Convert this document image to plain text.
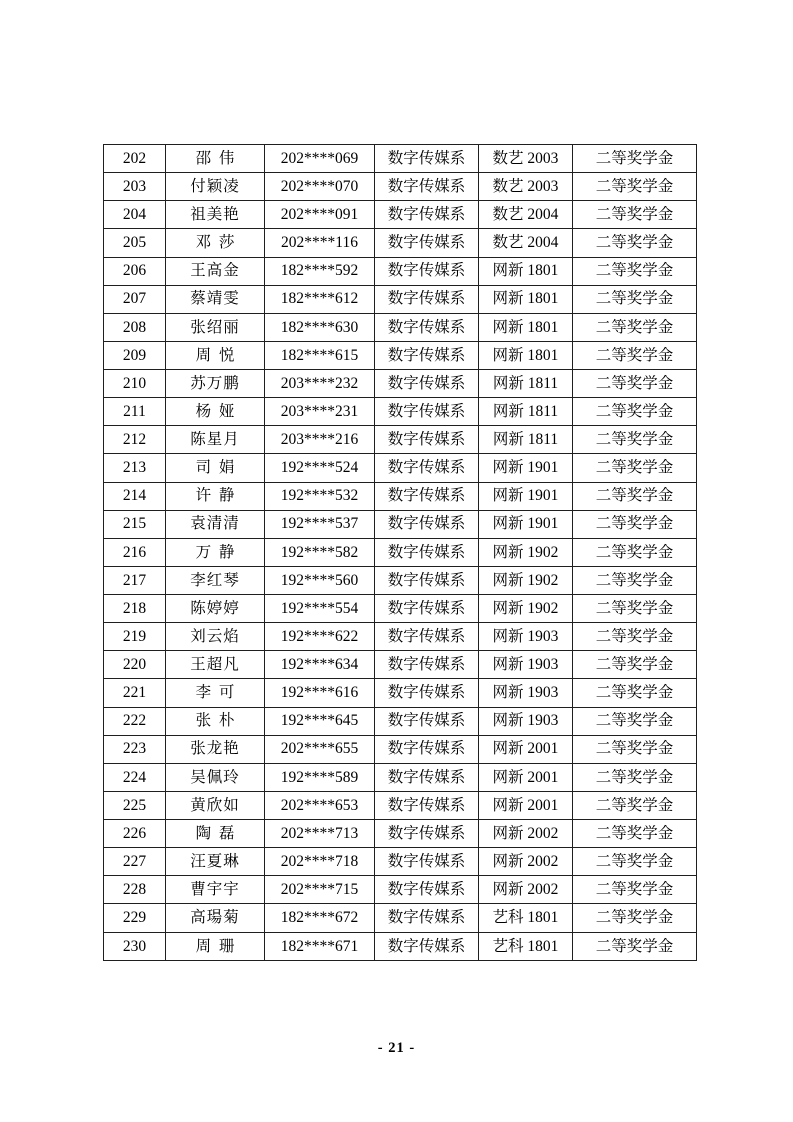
202	邵伟	202****069	数字传媒系	数艺 2003	二等奖学金
203	付颖凌	202****070	数字传媒系	数艺 2003	二等奖学金
204	祖美艳	202****091	数字传媒系	数艺 2004	二等奖学金
205	邓莎	202****116	数字传媒系	数艺 2004	二等奖学金
206	王高金	182****592	数字传媒系	网新 1801	二等奖学金
207	蔡靖雯	182****612	数字传媒系	网新 1801	二等奖学金
208	张绍丽	182****630	数字传媒系	网新 1801	二等奖学金
209	周悦	182****615	数字传媒系	网新 1801	二等奖学金
210	苏万鹏	203****232	数字传媒系	网新 1811	二等奖学金
211	杨娅	203****231	数字传媒系	网新 1811	二等奖学金
212	陈星月	203****216	数字传媒系	网新 1811	二等奖学金
213	司娟	192****524	数字传媒系	网新 1901	二等奖学金
214	许静	192****532	数字传媒系	网新 1901	二等奖学金
215	袁清清	192****537	数字传媒系	网新 1901	二等奖学金
216	万静	192****582	数字传媒系	网新 1902	二等奖学金
217	李红琴	192****560	数字传媒系	网新 1902	二等奖学金
218	陈婷婷	192****554	数字传媒系	网新 1902	二等奖学金
219	刘云焰	192****622	数字传媒系	网新 1903	二等奖学金
220	王超凡	192****634	数字传媒系	网新 1903	二等奖学金
221	李可	192****616	数字传媒系	网新 1903	二等奖学金
222	张朴	192****645	数字传媒系	网新 1903	二等奖学金
223	张龙艳	202****655	数字传媒系	网新 2001	二等奖学金
224	吴佩玲	192****589	数字传媒系	网新 2001	二等奖学金
225	黄欣如	202****653	数字传媒系	网新 2001	二等奖学金
226	陶磊	202****713	数字传媒系	网新 2002	二等奖学金
227	汪夏琳	202****718	数字传媒系	网新 2002	二等奖学金
228	曹宇宇	202****715	数字传媒系	网新 2002	二等奖学金
229	高瑒菊	182****672	数字传媒系	艺科 1801	二等奖学金
230	周珊	182****671	数字传媒系	艺科 1801	二等奖学金
- 21 -
